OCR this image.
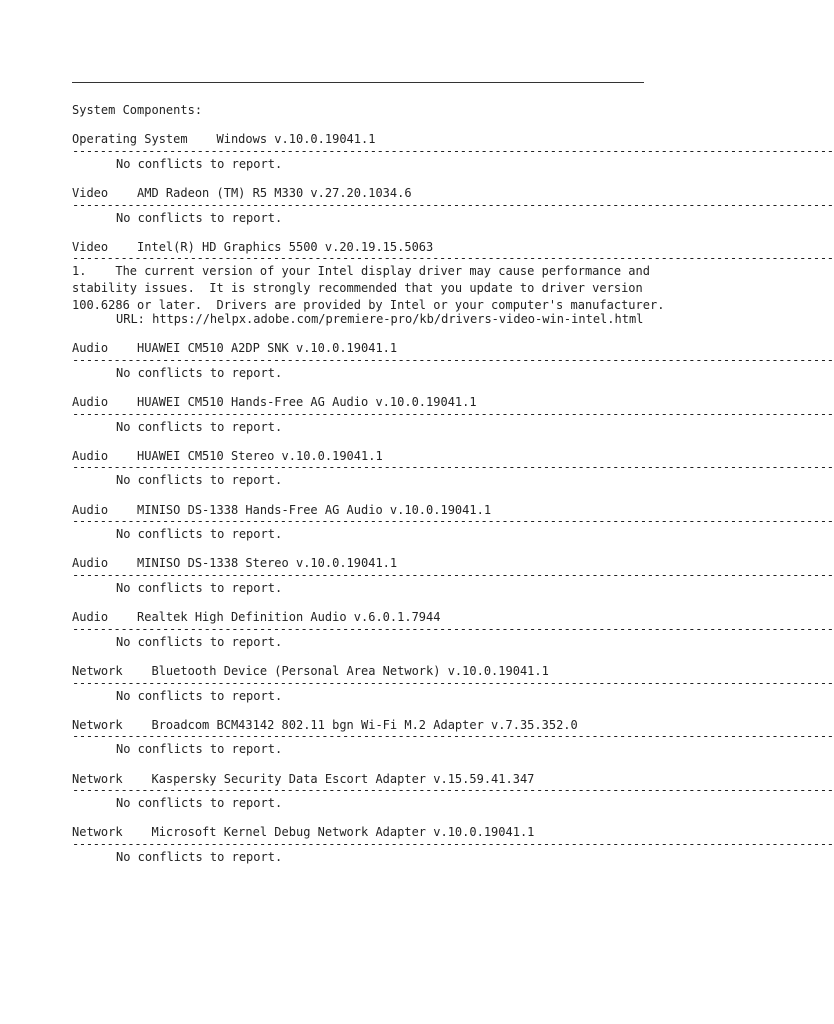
System Components:
Operating System Windows v.10.0.19041.1
--------------------------------------------------------------------------------------------------------------
No conflicts to report.
Video AMD Radeon (TM) R5 M330 v.27.20.1034.6
--------------------------------------------------------------------------------------------------------------
No conflicts to report.
Video Intel(R) HD Graphics 5500 v.20.19.15.5063
--------------------------------------------------------------------------------------------------------------
1.    The current version of your Intel display driver may cause performance and
stability issues.  It is strongly recommended that you update to driver version
100.6286 or later.  Drivers are provided by Intel or your computer's manufacturer.
URL: https://helpx.adobe.com/premiere-pro/kb/drivers-video-win-intel.html
Audio HUAWEI CM510 A2DP SNK v.10.0.19041.1
--------------------------------------------------------------------------------------------------------------
No conflicts to report.
Audio HUAWEI CM510 Hands-Free AG Audio v.10.0.19041.1
--------------------------------------------------------------------------------------------------------------
No conflicts to report.
Audio HUAWEI CM510 Stereo v.10.0.19041.1
--------------------------------------------------------------------------------------------------------------
No conflicts to report.
Audio MINISO DS-1338 Hands-Free AG Audio v.10.0.19041.1
--------------------------------------------------------------------------------------------------------------
No conflicts to report.
Audio MINISO DS-1338 Stereo v.10.0.19041.1
--------------------------------------------------------------------------------------------------------------
No conflicts to report.
Audio Realtek High Definition Audio v.6.0.1.7944
--------------------------------------------------------------------------------------------------------------
No conflicts to report.
Network Bluetooth Device (Personal Area Network) v.10.0.19041.1
--------------------------------------------------------------------------------------------------------------
No conflicts to report.
Network Broadcom BCM43142 802.11 bgn Wi-Fi M.2 Adapter v.7.35.352.0
--------------------------------------------------------------------------------------------------------------
No conflicts to report.
Network Kaspersky Security Data Escort Adapter v.15.59.41.347
--------------------------------------------------------------------------------------------------------------
No conflicts to report.
Network Microsoft Kernel Debug Network Adapter v.10.0.19041.1
--------------------------------------------------------------------------------------------------------------
No conflicts to report.
